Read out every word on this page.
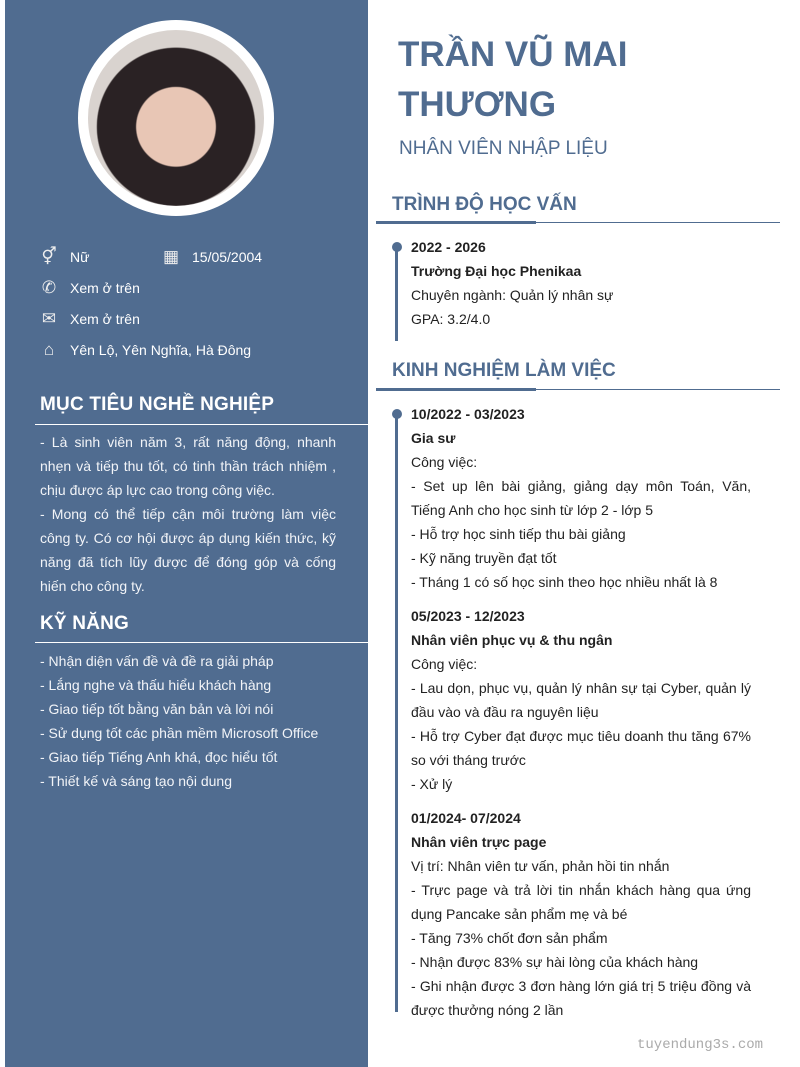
⚥ Nữ	▦ 15/05/2004
✆ Xem ở trên
✉ Xem ở trên
⌂	Yên Lộ, Yên Nghĩa, Hà Đông
MỤC TIÊU NGHỀ NGHIỆP
- Là sinh viên năm 3, rất năng động, nhanh nhẹn và tiếp thu tốt, có tinh thần trách nhiệm , chịu được áp lực cao trong công việc.
- Mong có thể tiếp cận môi trường làm việc công ty. Có cơ hội được áp dụng kiến thức, kỹ năng đã tích lũy được để đóng góp và cống hiến cho công ty.
KỸ NĂNG
- Nhận diện vấn đề và đề ra giải pháp
- Lắng nghe và thấu hiểu khách hàng
- Giao tiếp tốt bằng văn bản và lời nói
- Sử dụng tốt các phần mềm Microsoft Office
- Giao tiếp Tiếng Anh khá, đọc hiểu tốt
- Thiết kế và sáng tạo nội dung
TRẦN VŨ MAI THƯƠNG
NHÂN VIÊN NHẬP LIỆU
TRÌNH ĐỘ HỌC VẤN
2022 - 2026
Trường Đại học Phenikaa
Chuyên ngành: Quản lý nhân sự
GPA: 3.2/4.0
KINH NGHIỆM LÀM VIỆC
10/2022 - 03/2023
Gia sư
Công việc:
- Set up lên bài giảng, giảng dạy môn Toán, Văn, Tiếng Anh cho học sinh từ lớp 2 - lớp 5
- Hỗ trợ học sinh tiếp thu bài giảng
- Kỹ năng truyền đạt tốt
- Tháng 1 có số học sinh theo học nhiều nhất là 8
05/2023 - 12/2023
Nhân viên phục vụ & thu ngân
Công việc:
- Lau dọn, phục vụ, quản lý nhân sự tại Cyber, quản lý đầu vào và đầu ra nguyên liệu
- Hỗ trợ Cyber đạt được mục tiêu doanh thu tăng 67% so với tháng trước
- Xử lý
01/2024- 07/2024
Nhân viên trực page
Vị trí: Nhân viên tư vấn, phản hồi tin nhắn
- Trực page và trả lời tin nhắn khách hàng qua ứng dụng Pancake sản phẩm mẹ và bé
- Tăng 73% chốt đơn sản phẩm
- Nhận được 83% sự hài lòng của khách hàng
- Ghi nhận được 3 đơn hàng lớn giá trị 5 triệu đồng và được thưởng nóng 2 lần
tuyendung3s.com
